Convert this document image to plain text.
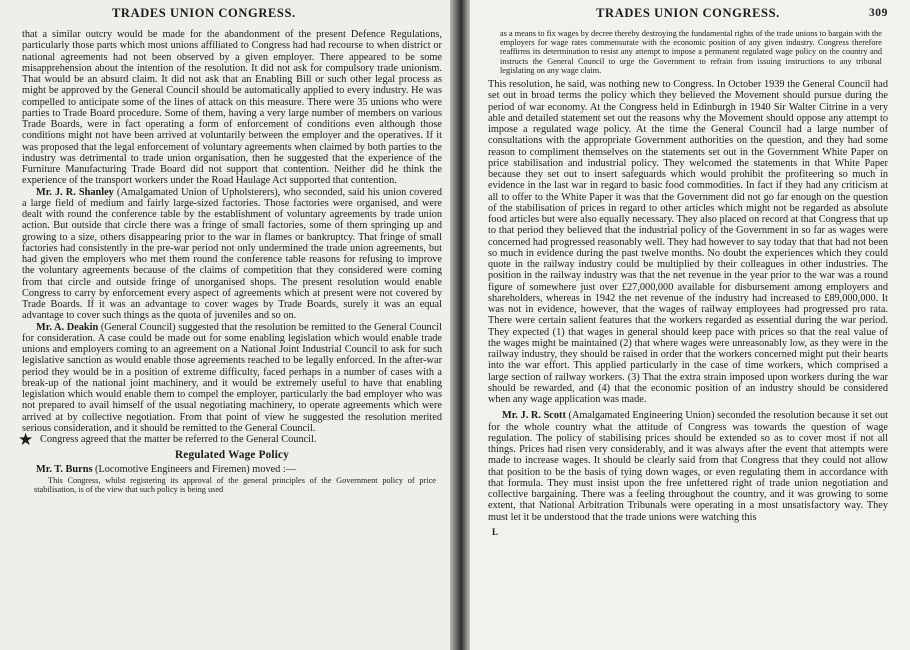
TRADES UNION CONGRESS.

that a similar outcry would be made for the abandonment of the present Defence Regulations, particularly those parts which most unions affiliated to Congress had had recourse to when district or national agreements had not been observed by a given employer. There appeared to be some misapprehension about the intention of the resolution. It did not ask for compulsory trade unionism. That would be an absurd claim. It did not ask that an Enabling Bill or such other legal process as might be approved by the General Council should be automatically applied to every industry. He was compelled to anticipate some of the lines of attack on this measure. There were 35 unions who were parties to Trade Board procedure. Some of them, having a very large number of members on various Trade Boards, were in fact operating a form of enforcement of conditions even although those conditions might not have been arrived at voluntarily between the employer and the operatives. If it was proposed that the legal enforcement of voluntary agreements when claimed by both parties to the industry was detrimental to trade union organisation, then he suggested that the experience of the Furniture Manufacturing Trade Board did not support that contention. Neither did he think the experience of the transport workers under the Road Haulage Act supported that contention.

Mr. J. R. Shanley (Amalgamated Union of Upholsterers), who seconded, said his union covered a large field of medium and fairly large-sized factories. Those factories were organised, and were dealt with round the conference table by the establishment of voluntary agreements by trade union action. But outside that circle there was a fringe of small factories, some of them springing up and growing to a size, others disappearing prior to the war in flames or bankruptcy. That fringe of small factories had consistently in the pre-war period not only undermined the trade union agreements, but had given the employers who met them round the conference table reasons for refusing to improve the voluntary agreements because of the claims of competition that they considered were coming from that circle and outside fringe of unorganised shops. The present resolution would enable Congress to carry by enforcement every aspect of agreements which at present were not covered by Trade Boards. If it was an advantage to cover wages by Trade Boards, surely it was an equal advantage to cover such things as the quota of juveniles and so on.

Mr. A. Deakin (General Council) suggested that the resolution be remitted to the General Council for consideration. A case could be made out for some enabling legislation which would enable trade unions and employers coming to an agreement on a National Joint Industrial Council to ask for such legislative sanction as would enable those agreements reached to be legally enforced. In the after-war period they would be in a position of extreme difficulty, faced perhaps in a number of cases with a break-up of the national joint machinery, and it would be extremely useful to have that enabling legislation which would enable them to compel the employer, particularly the bad employer who was not prepared to avail himself of the usual negotiating machinery, to operate agreements which were arrived at by collective negotiation. From that point of view he suggested the resolution merited serious consideration, and it should be remitted to the General Council.

★ Congress agreed that the matter be referred to the General Council.

Regulated Wage Policy

Mr. T. Burns (Locomotive Engineers and Firemen) moved :—

This Congress, whilst registering its approval of the general principles of the Government policy of price stabilisation, is of the view that such policy is being used
TRADES UNION CONGRESS.	309
as a means to fix wages by decree thereby destroying the fundamental rights of the trade unions to bargain with the employers for wage rates commensurate with the economic position of any given industry. Congress therefore reaffirms its determination to resist any attempt to impose a permanent regulated wage policy on the country and instructs the General Council to urge the Government to refrain from issuing instructions to any tribunal legislating on any wage claim.

This resolution, he said, was nothing new to Congress. In October 1939 the General Council had set out in broad terms the policy which they believed the Movement should pursue during the period of war economy. At the Congress held in Edinburgh in 1940 Sir Walter Citrine in a very able and detailed statement set out the reasons why the Movement should oppose any attempt to impose a regulated wage policy. At the time the General Council had a large number of consultations with the appropriate Government authorities on the question, and they had some reason to compliment themselves on the statements set out in the Government White Paper on price stabilisation and industrial policy. They welcomed the statements in that White Paper because they set out to insert safeguards which would prohibit the profiteering so much in evidence in the last war in regard to basic food commodities. In fact if they had any criticism at all to offer to the White Paper it was that the Government did not go far enough on the question of the stabilisation of prices in regard to other articles which might not be regarded as absolute food articles but were also equally necessary. They also placed on record at that Congress that up to that period they believed that the industrial policy of the Government in so far as wages were concerned had progressed reasonably well. They had however to say today that that had not been so much in evidence during the past twelve months. No doubt the experiences which they could quote in the railway industry could be multiplied by their colleagues in other industries. The position in the railway industry was that the net revenue in the year prior to the war was a round figure of somewhere just over £27,000,000 available for disbursement among employers and shareholders, whereas in 1942 the net revenue of the industry had increased to £89,000,000. It was not in evidence, however, that the wages of railway employees had progressed pro rata. There were certain salient features that the workers regarded as essential during the war period. They expected (1) that wages in general should keep pace with prices so that the real value of the wages might be maintained (2) that where wages were unreasonably low, as they were in the railway industry, they should be raised in order that the workers concerned might put their hearts into the war effort. This applied particularly in the case of time workers, which comprised a large section of railway workers. (3) That the extra strain imposed upon workers during the war should be rewarded, and (4) that the economic position of an industry should be considered when any wage application was made.

Mr. J. R. Scott (Amalgamated Engineering Union) seconded the resolution because it set out for the whole country what the attitude of Congress was towards the question of wage regulation. The policy of stabilising prices should be extended so as to cover most if not all things. Prices had risen very considerably, and it was always after the event that attempts were made to increase wages. It should be clearly said from that Congress that they could not allow that position to be the basis of tying down wages, or even regulating them in accordance with that formula. They must insist upon the free unfettered right of trade union negotiation and collective bargaining. There was a feeling throughout the country, and it was growing to some extent, that National Arbitration Tribunals were operating in a most unsatisfactory way. They must let it be understood that the trade unions were watching this

L
